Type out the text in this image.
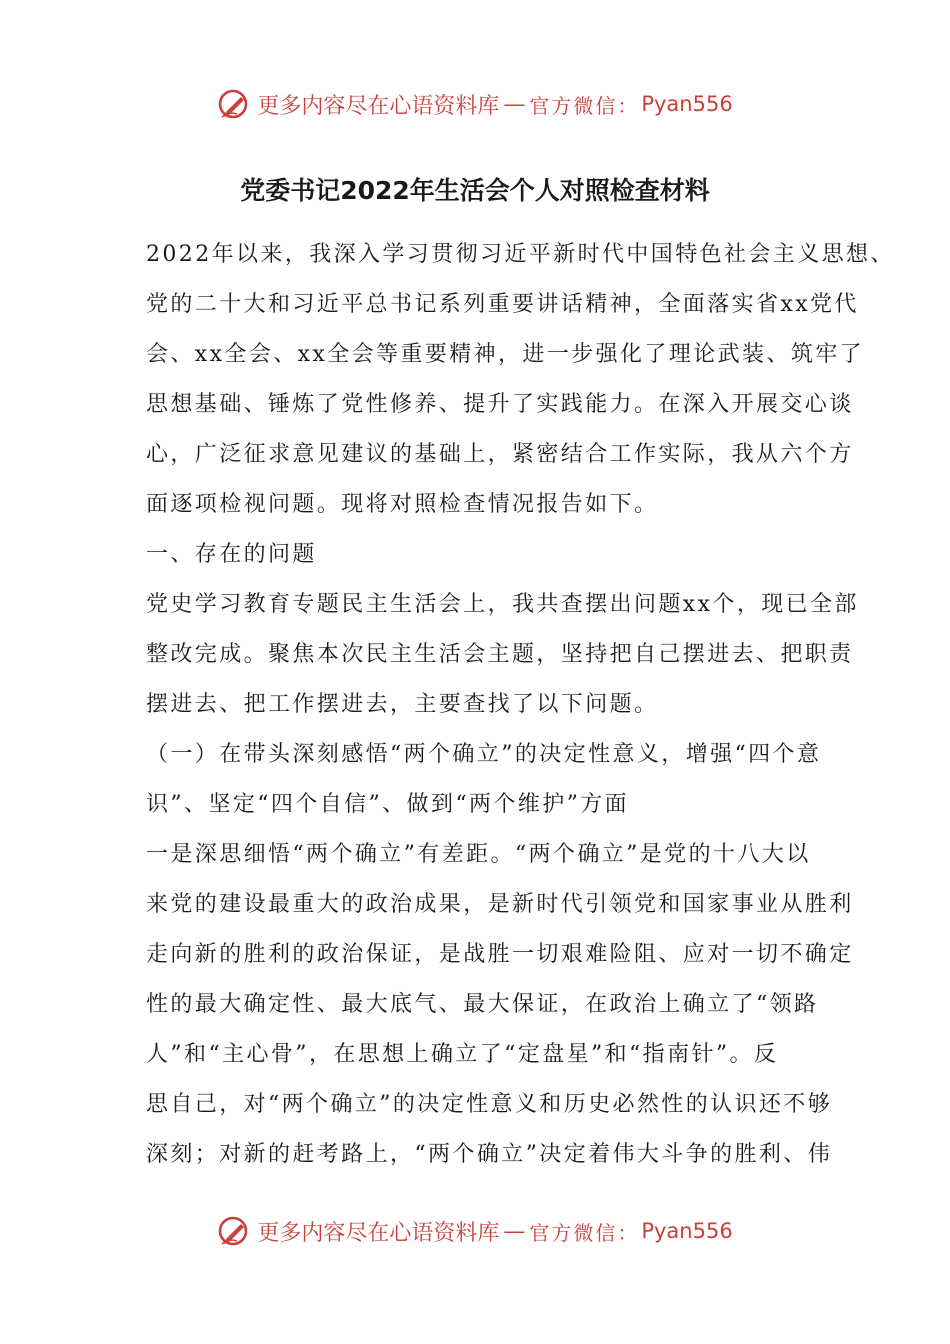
更多内容尽在心语资料库 — 官方微信： Pyan556
党委书记2022年生活会个人对照检查材料
2022年以来，我深入学习贯彻习近平新时代中国特色社会主义思想、
党的二十大和习近平总书记系列重要讲话精神，全面落实省xx党代
会、xx全会、xx全会等重要精神，进一步强化了理论武装、筑牢了
思想基础、锤炼了党性修养、提升了实践能力。在深入开展交心谈
心，广泛征求意见建议的基础上，紧密结合工作实际，我从六个方
面逐项检视问题。现将对照检查情况报告如下。
一、存在的问题
党史学习教育专题民主生活会上，我共查摆出问题xx个，现已全部
整改完成。聚焦本次民主生活会主题，坚持把自己摆进去、把职责
摆进去、把工作摆进去，主要查找了以下问题。
（一）在带头深刻感悟“两个确立”的决定性意义，增强“四个意
识”、坚定“四个自信”、做到“两个维护”方面
一是深思细悟“两个确立”有差距。“两个确立”是党的十八大以
来党的建设最重大的政治成果，是新时代引领党和国家事业从胜利
走向新的胜利的政治保证，是战胜一切艰难险阻、应对一切不确定
性的最大确定性、最大底气、最大保证，在政治上确立了“领路
人”和“主心骨”，在思想上确立了“定盘星”和“指南针”。反
思自己，对“两个确立”的决定性意义和历史必然性的认识还不够
深刻；对新的赶考路上，“两个确立”决定着伟大斗争的胜利、伟
更多内容尽在心语资料库 — 官方微信： Pyan556
